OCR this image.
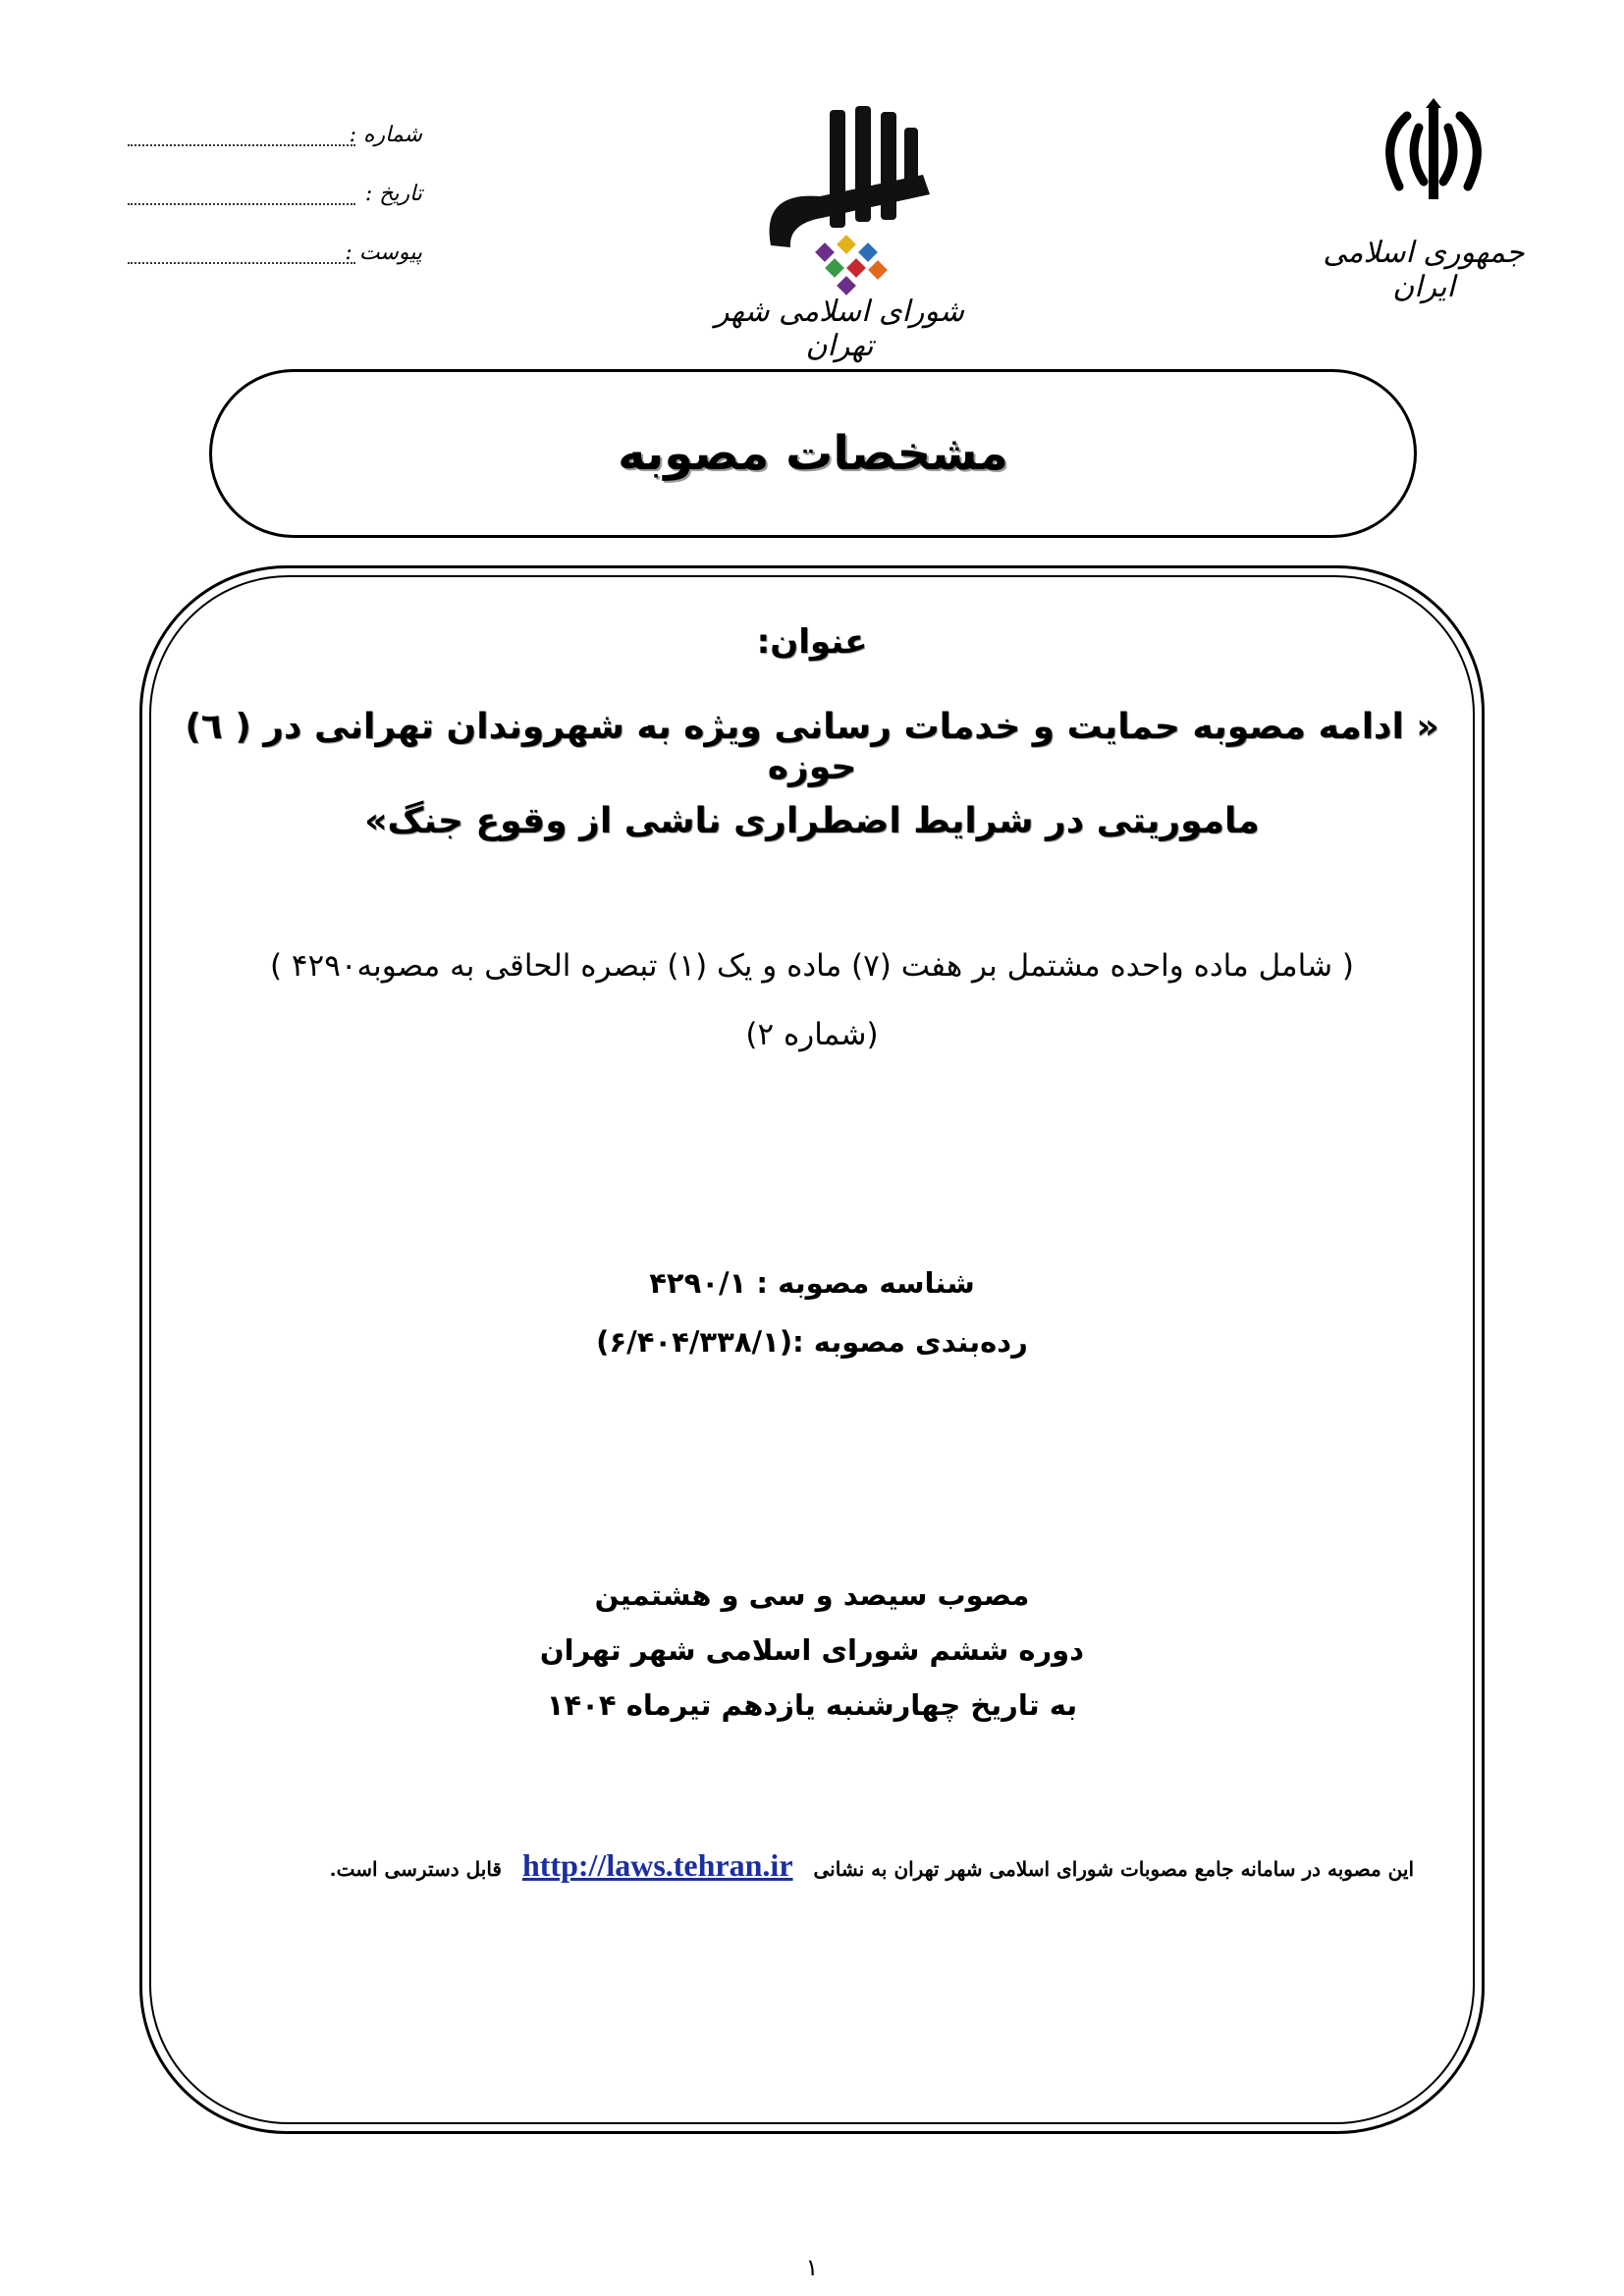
شماره :
تاریخ :
پیوست :
شورای اسلامی شهر تهران
جمهوری اسلامی ایران
مشخصات مصوبه
عنوان:
« ادامه مصوبه حمایت و خدمات رسانی ویژه به شهروندان تهرانی در ( ٦) حوزه
ماموریتی در شرایط اضطراری ناشی از وقوع جنگ»
( شامل ماده واحده مشتمل بر هفت (۷) ماده و یک (۱) تبصره الحاقی به مصوبه۴۲۹۰ )
(شماره ۲)
شناسه مصوبه : ۴۲۹۰/۱
رده‌بندی مصوبه :(۶/۴۰۴/۳۳۸/۱)
مصوب سیصد و سی و هشتمین
دوره ششم شورای اسلامی شهر تهران
به تاریخ چهارشنبه یازدهم تیرماه ۱۴۰۴
این مصوبه در سامانه جامع مصوبات شورای اسلامی شهر تهران به نشانی http://laws.tehran.ir قابل دسترسی است.
۱
